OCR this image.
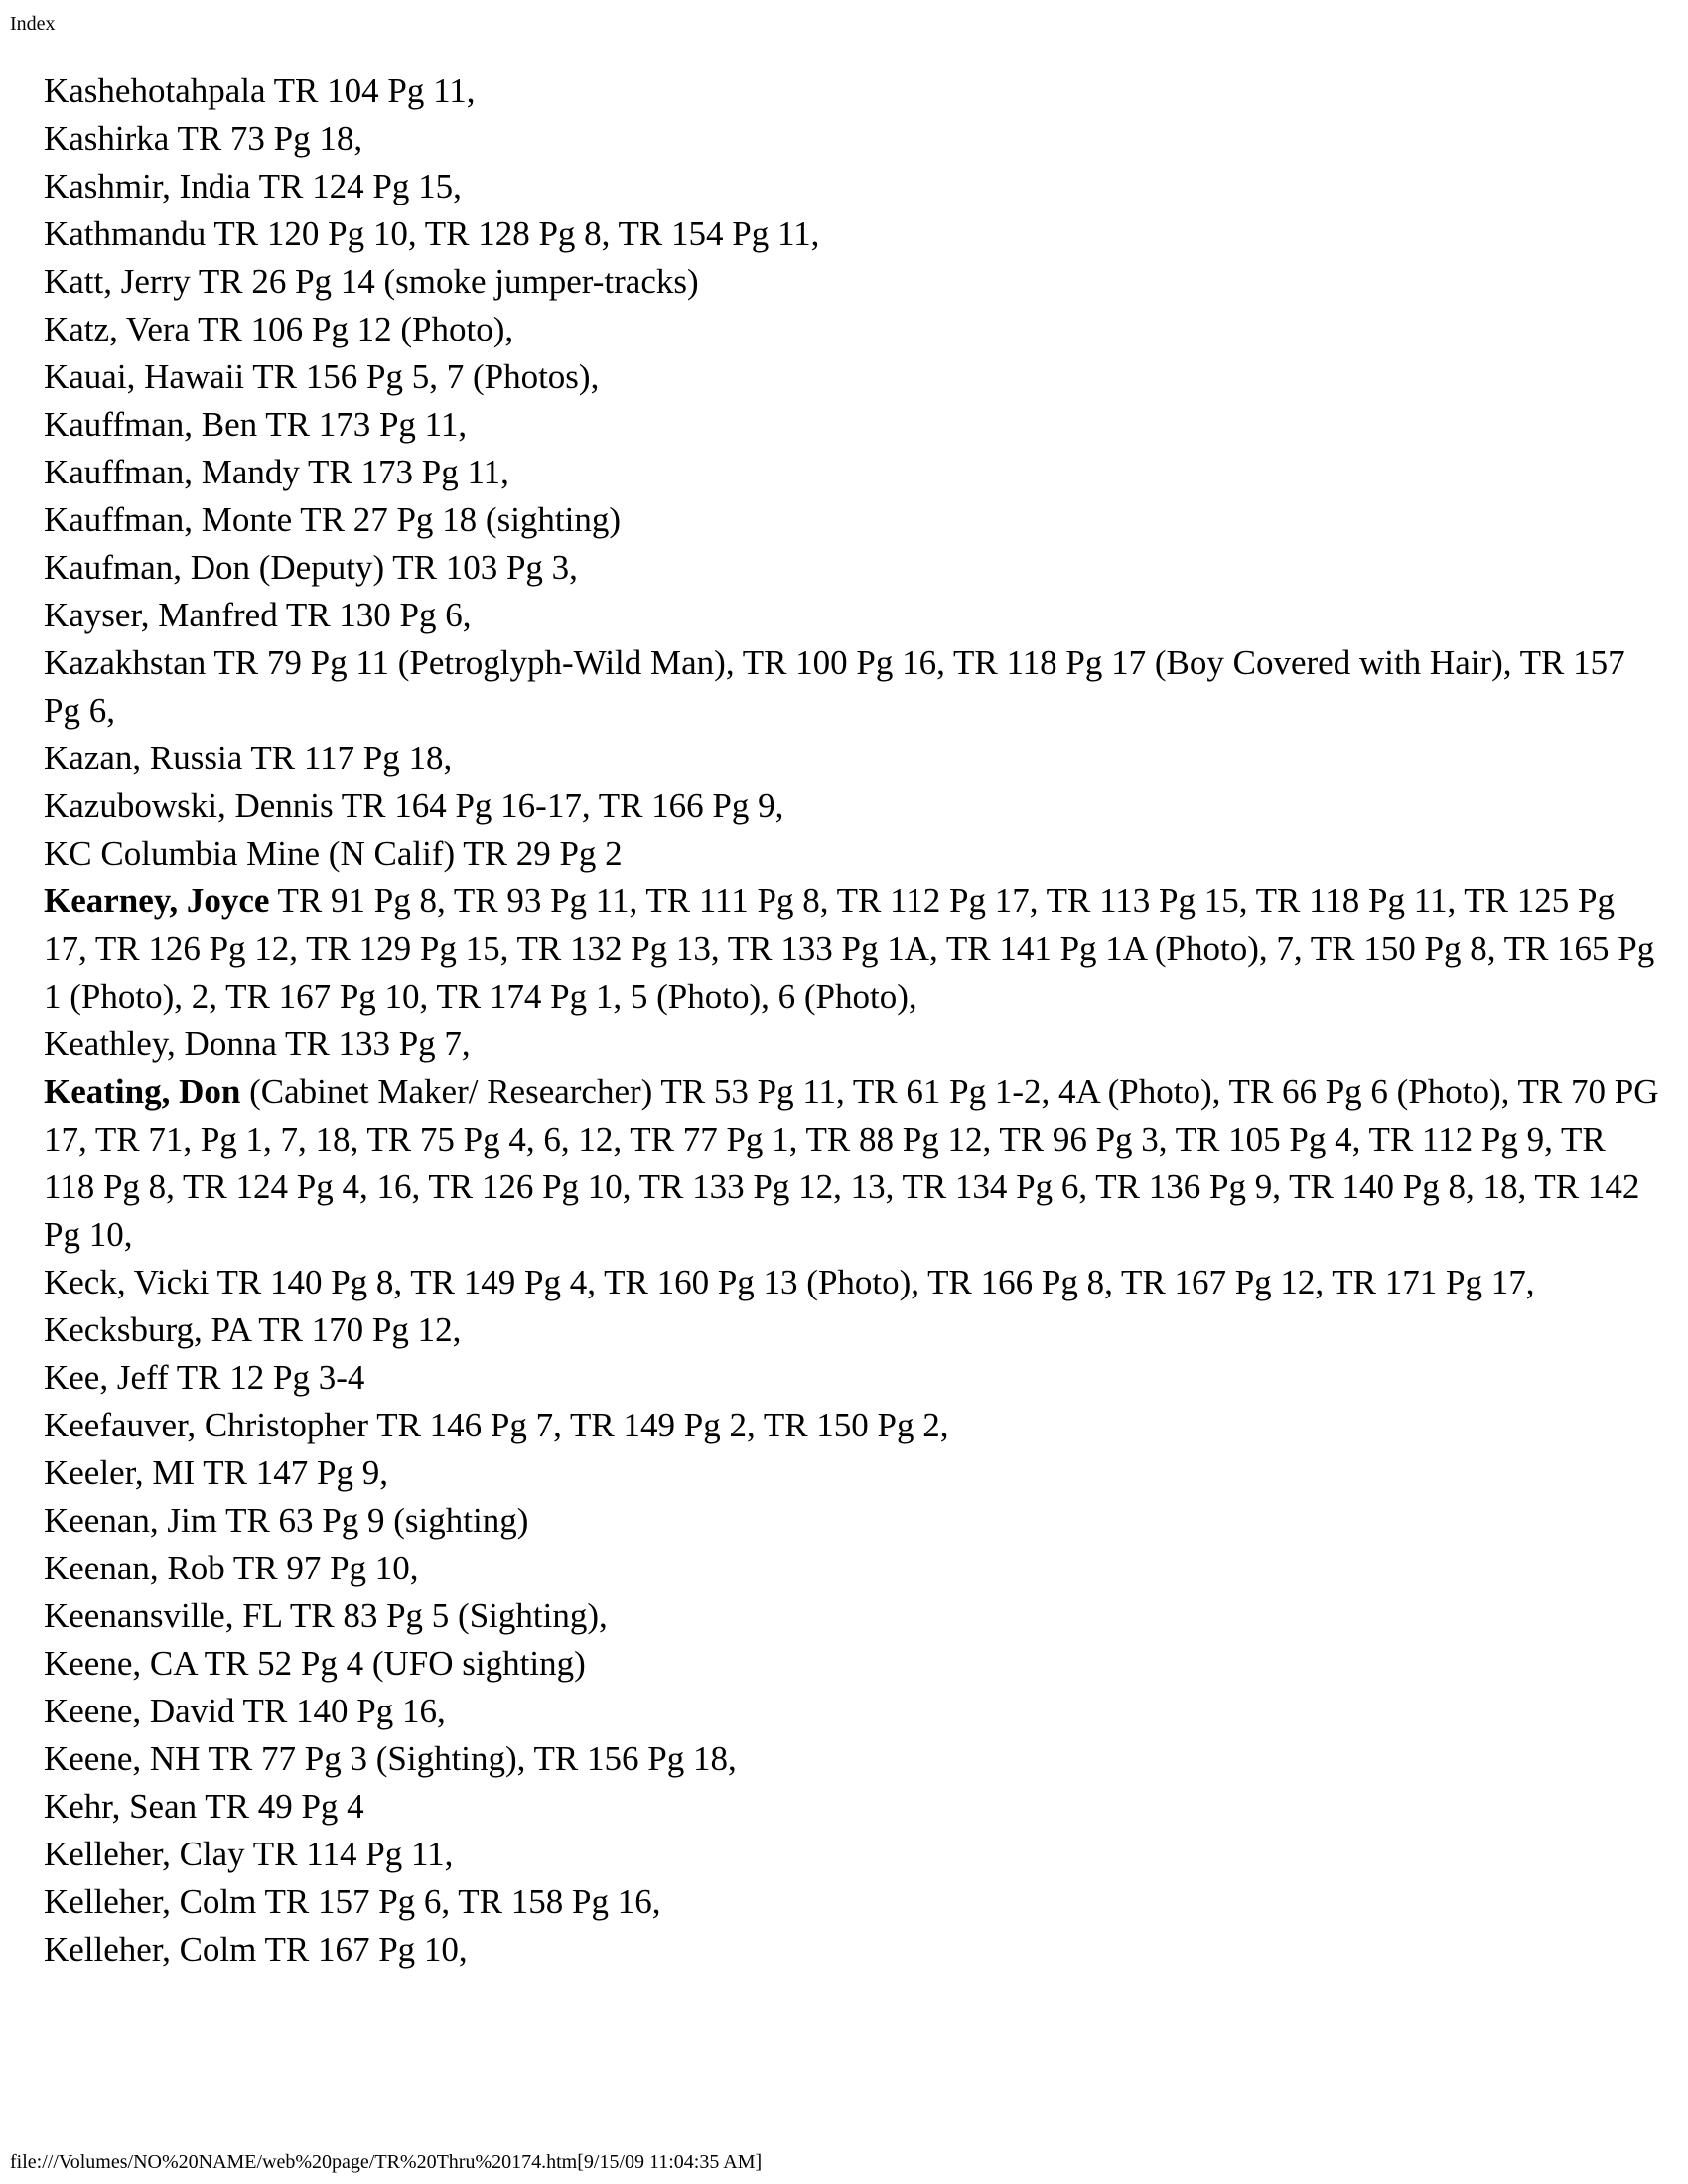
Index
Kashehotahpala TR 104 Pg 11,
Kashirka TR 73 Pg 18,
Kashmir, India TR 124 Pg 15,
Kathmandu TR 120 Pg 10, TR 128 Pg 8, TR 154 Pg 11,
Katt, Jerry TR 26 Pg 14 (smoke jumper-tracks)
Katz, Vera TR 106 Pg 12 (Photo),
Kauai, Hawaii TR 156 Pg 5, 7 (Photos),
Kauffman, Ben TR 173 Pg 11,
Kauffman, Mandy TR 173 Pg 11,
Kauffman, Monte TR 27 Pg 18 (sighting)
Kaufman, Don (Deputy) TR 103 Pg 3,
Kayser, Manfred TR 130 Pg 6,
Kazakhstan TR 79 Pg 11 (Petroglyph-Wild Man), TR 100 Pg 16, TR 118 Pg 17 (Boy Covered with Hair), TR 157 Pg 6,
Kazan, Russia TR 117 Pg 18,
Kazubowski, Dennis TR 164 Pg 16-17, TR 166 Pg 9,
KC Columbia Mine (N Calif) TR 29 Pg 2
Kearney, Joyce TR 91 Pg 8, TR 93 Pg 11, TR 111 Pg 8, TR 112 Pg 17, TR 113 Pg 15, TR 118 Pg 11, TR 125 Pg 17, TR 126 Pg 12, TR 129 Pg 15, TR 132 Pg 13, TR 133 Pg 1A, TR 141 Pg 1A (Photo), 7, TR 150 Pg 8, TR 165 Pg 1 (Photo), 2, TR 167 Pg 10, TR 174 Pg 1, 5 (Photo), 6 (Photo),
Keathley, Donna TR 133 Pg 7,
Keating, Don (Cabinet Maker/ Researcher) TR 53 Pg 11, TR 61 Pg 1-2, 4A (Photo), TR 66 Pg 6 (Photo), TR 70 PG 17, TR 71, Pg 1, 7, 18, TR 75 Pg 4, 6, 12, TR 77 Pg 1, TR 88 Pg 12, TR 96 Pg 3, TR 105 Pg 4, TR 112 Pg 9, TR 118 Pg 8, TR 124 Pg 4, 16, TR 126 Pg 10, TR 133 Pg 12, 13, TR 134 Pg 6, TR 136 Pg 9, TR 140 Pg 8, 18, TR 142 Pg 10,
Keck, Vicki TR 140 Pg 8, TR 149 Pg 4, TR 160 Pg 13 (Photo), TR 166 Pg 8, TR 167 Pg 12, TR 171 Pg 17,
Kecksburg, PA TR 170 Pg 12,
Kee, Jeff TR 12 Pg 3-4
Keefauver, Christopher TR 146 Pg 7, TR 149 Pg 2, TR 150 Pg 2,
Keeler, MI TR 147 Pg 9,
Keenan, Jim TR 63 Pg 9 (sighting)
Keenan, Rob TR 97 Pg 10,
Keenansville, FL TR 83 Pg 5 (Sighting),
Keene, CA TR 52 Pg 4 (UFO sighting)
Keene, David TR 140 Pg 16,
Keene, NH TR 77 Pg 3 (Sighting), TR 156 Pg 18,
Kehr, Sean TR 49 Pg 4
Kelleher, Clay TR 114 Pg 11,
Kelleher, Colm TR 157 Pg 6, TR 158 Pg 16,
Kelleher, Colm TR 167 Pg 10,
file:///Volumes/NO%20NAME/web%20page/TR%20Thru%20174.htm[9/15/09 11:04:35 AM]
